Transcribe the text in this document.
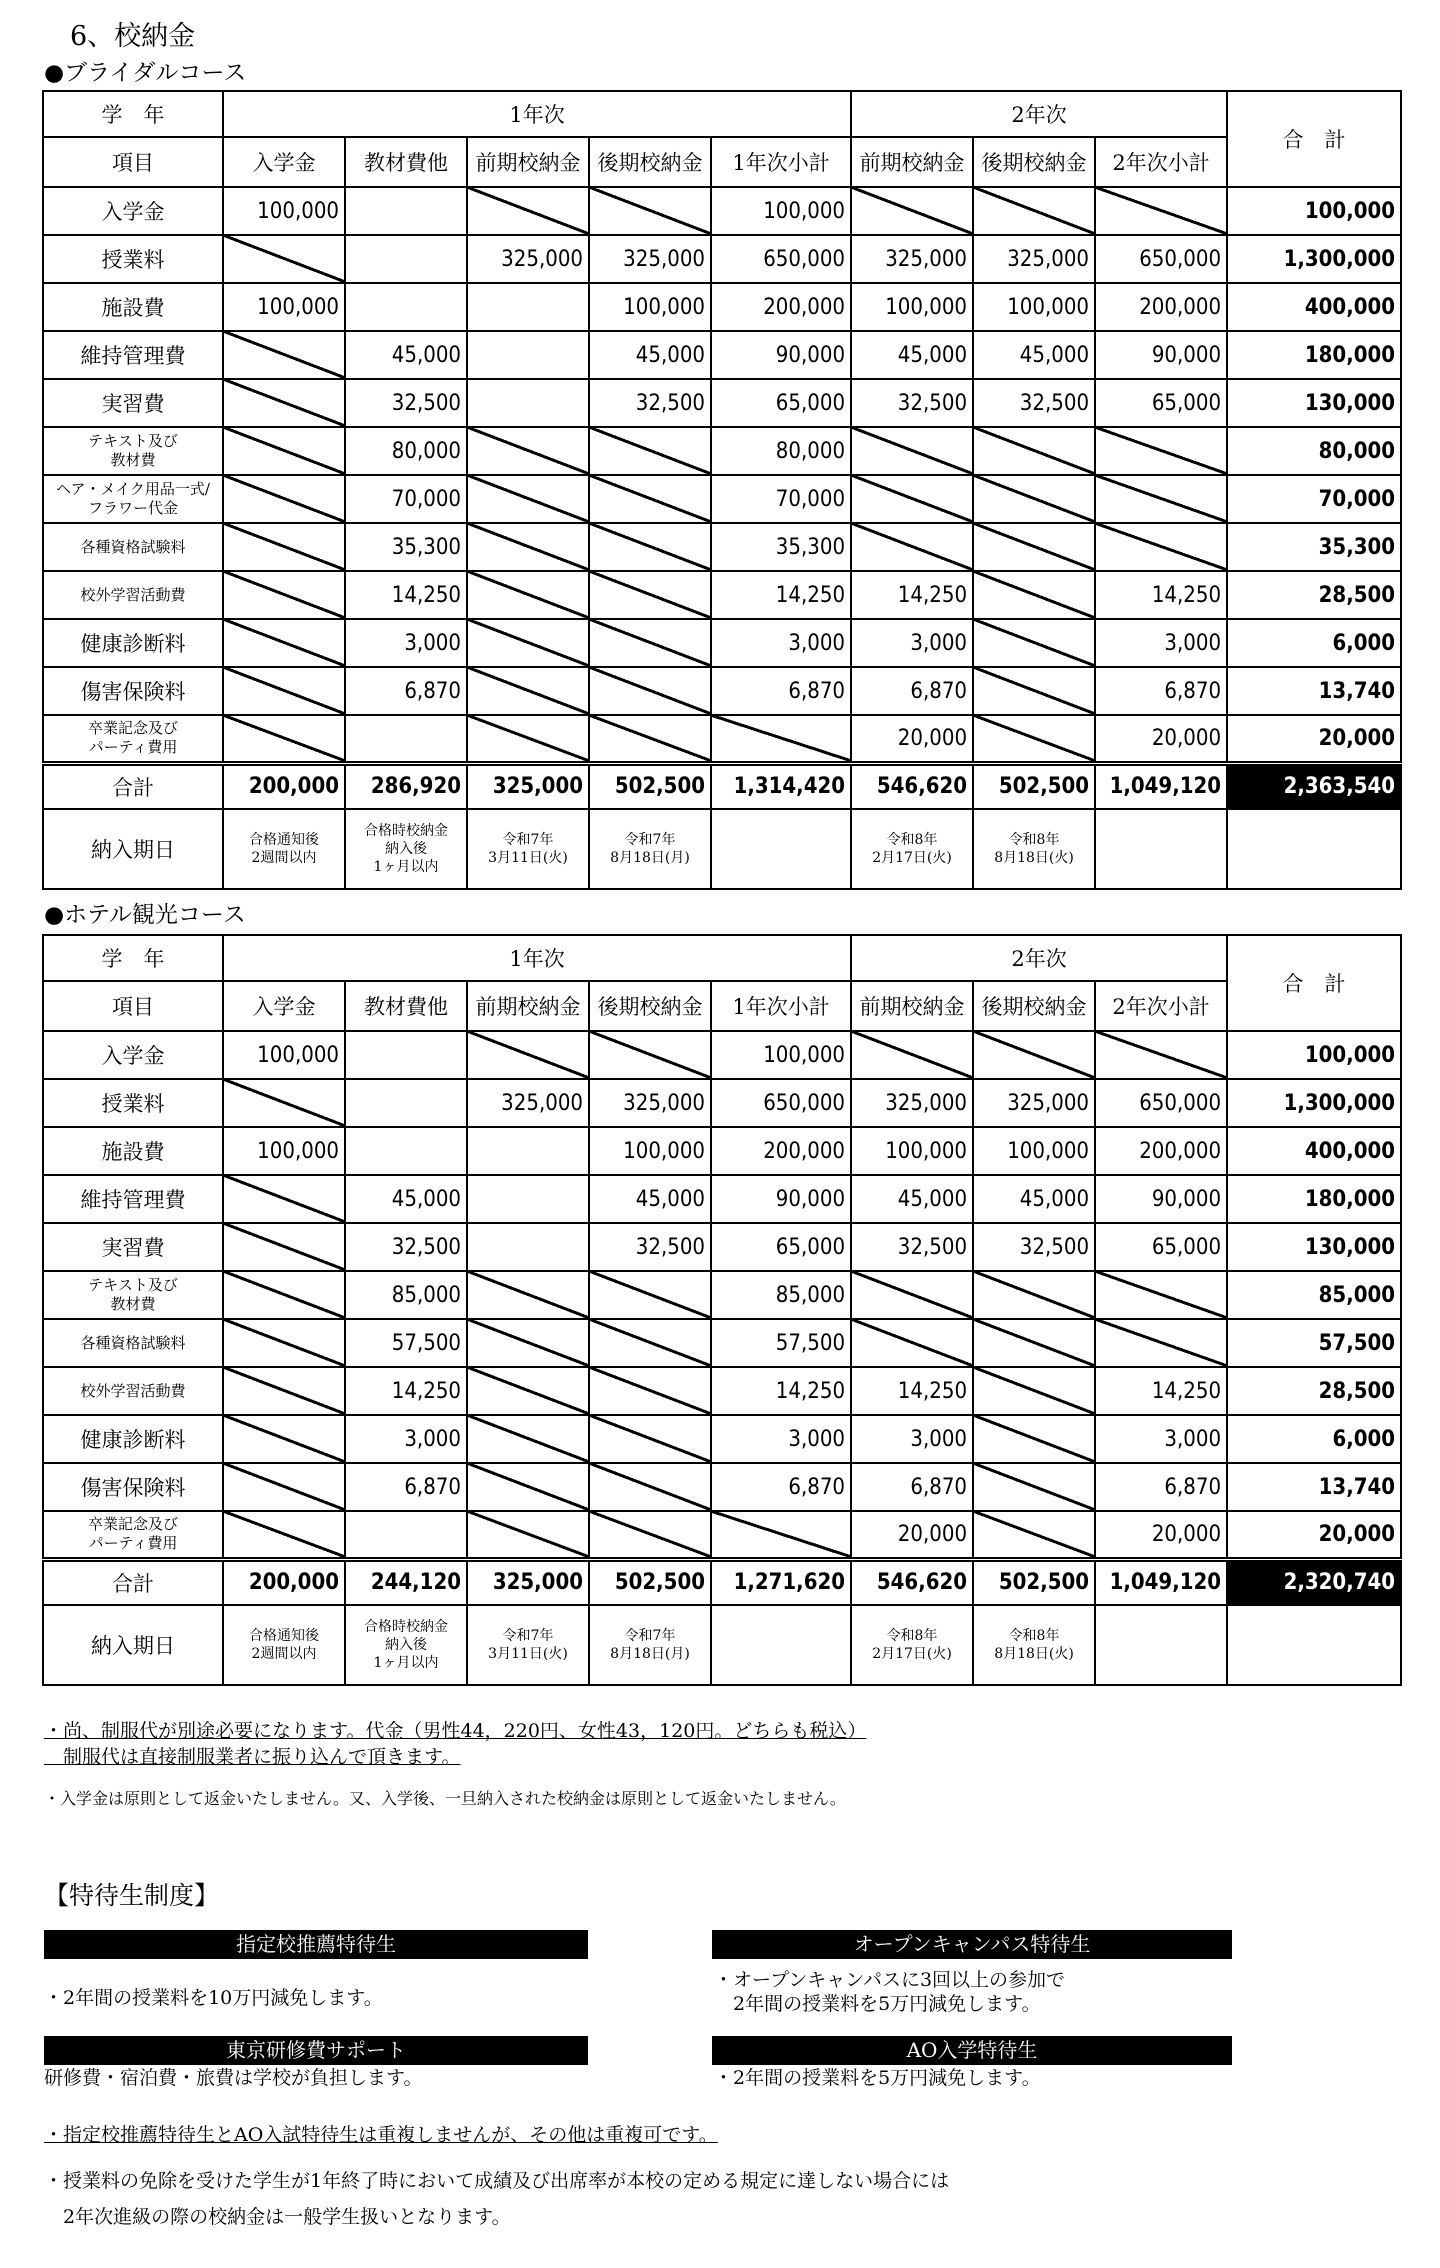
6、校納金
●ブライダルコース
学　年	1年次					2年次			合　計
項目	入学金	教材費他	前期校納金	後期校納金	1年次小計	前期校納金	後期校納金	2年次小計	
入学金	100,000				100,000				100,000
授業料			325,000	325,000	650,000	325,000	325,000	650,000	1,300,000
施設費	100,000			100,000	200,000	100,000	100,000	200,000	400,000
維持管理費		45,000		45,000	90,000	45,000	45,000	90,000	180,000
実習費		32,500		32,500	65,000	32,500	32,500	65,000	130,000
テキスト及び
教材費		80,000			80,000				80,000
ヘア・メイク用品一式/
フラワー代金		70,000			70,000				70,000
各種資格試験料		35,300			35,300				35,300
校外学習活動費		14,250			14,250	14,250		14,250	28,500
健康診断料		3,000			3,000	3,000		3,000	6,000
傷害保険料		6,870			6,870	6,870		6,870	13,740
卒業記念及び
パーティ費用						20,000		20,000	20,000
合計	200,000	286,920	325,000	502,500	1,314,420	546,620	502,500	1,049,120	2,363,540
納入期日	合格通知後
2週間以内	合格時校納金
納入後
1ヶ月以内	令和7年
3月11日(火)	令和7年
8月18日(月)		令和8年
2月17日(火)	令和8年
8月18日(火)		
●ホテル観光コース
学　年	1年次					2年次			合　計
項目	入学金	教材費他	前期校納金	後期校納金	1年次小計	前期校納金	後期校納金	2年次小計	
入学金	100,000				100,000				100,000
授業料			325,000	325,000	650,000	325,000	325,000	650,000	1,300,000
施設費	100,000			100,000	200,000	100,000	100,000	200,000	400,000
維持管理費		45,000		45,000	90,000	45,000	45,000	90,000	180,000
実習費		32,500		32,500	65,000	32,500	32,500	65,000	130,000
テキスト及び
教材費		85,000			85,000				85,000
各種資格試験料		57,500			57,500				57,500
校外学習活動費		14,250			14,250	14,250		14,250	28,500
健康診断料		3,000			3,000	3,000		3,000	6,000
傷害保険料		6,870			6,870	6,870		6,870	13,740
卒業記念及び
パーティ費用						20,000		20,000	20,000
合計	200,000	244,120	325,000	502,500	1,271,620	546,620	502,500	1,049,120	2,320,740
納入期日	合格通知後
2週間以内	合格時校納金
納入後
1ヶ月以内	令和7年
3月11日(火)	令和7年
8月18日(月)		令和8年
2月17日(火)	令和8年
8月18日(火)		
・尚、制服代が別途必要になります。代金（男性44，220円、女性43，120円。どちらも税込）
　制服代は直接制服業者に振り込んで頂きます。
・入学金は原則として返金いたしません。又、入学後、一旦納入された校納金は原則として返金いたしません。
【特待生制度】
指定校推薦特待生
・2年間の授業料を10万円減免します。
オープンキャンパス特待生
・オープンキャンパスに3回以上の参加で
　2年間の授業料を5万円減免します。
東京研修費サポート
研修費・宿泊費・旅費は学校が負担します。
AO入学特待生
・2年間の授業料を5万円減免します。
・指定校推薦特待生とAO入試特待生は重複しませんが、その他は重複可です。
・授業料の免除を受けた学生が1年終了時において成績及び出席率が本校の定める規定に達しない場合には
　2年次進級の際の校納金は一般学生扱いとなります。
